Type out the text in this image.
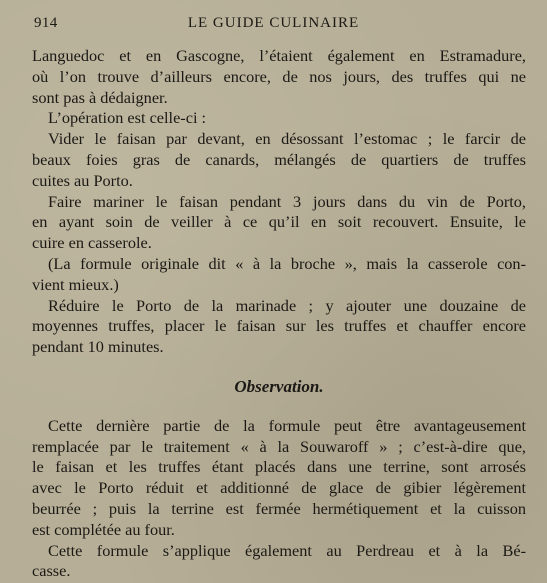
914	LE GUIDE CULINAIRE
Languedoc et en Gascogne, l’étaient également en Estramadure,
où l’on trouve d’ailleurs encore, de nos jours, des truffes qui ne
sont pas à dédaigner.
L’opération est celle-ci :
Vider le faisan par devant, en désossant l’estomac ; le farcir de
beaux foies gras de canards, mélangés de quartiers de truffes
cuites au Porto.
Faire mariner le faisan pendant 3 jours dans du vin de Porto,
en ayant soin de veiller à ce qu’il en soit recouvert. Ensuite, le
cuire en casserole.
(La formule originale dit « à la broche », mais la casserole con-
vient mieux.)
Réduire le Porto de la marinade ; y ajouter une douzaine de
moyennes truffes, placer le faisan sur les truffes et chauffer encore
pendant 10 minutes.
Observation.
Cette dernière partie de la formule peut être avantageusement
remplacée par le traitement « à la Souwaroff » ; c’est-à-dire que,
le faisan et les truffes étant placés dans une terrine, sont arrosés
avec le Porto réduit et additionné de glace de gibier légèrement
beurrée ; puis la terrine est fermée hermétiquement et la cuisson
est complétée au four.
Cette formule s’applique également au Perdreau et à la Bé-
casse.
